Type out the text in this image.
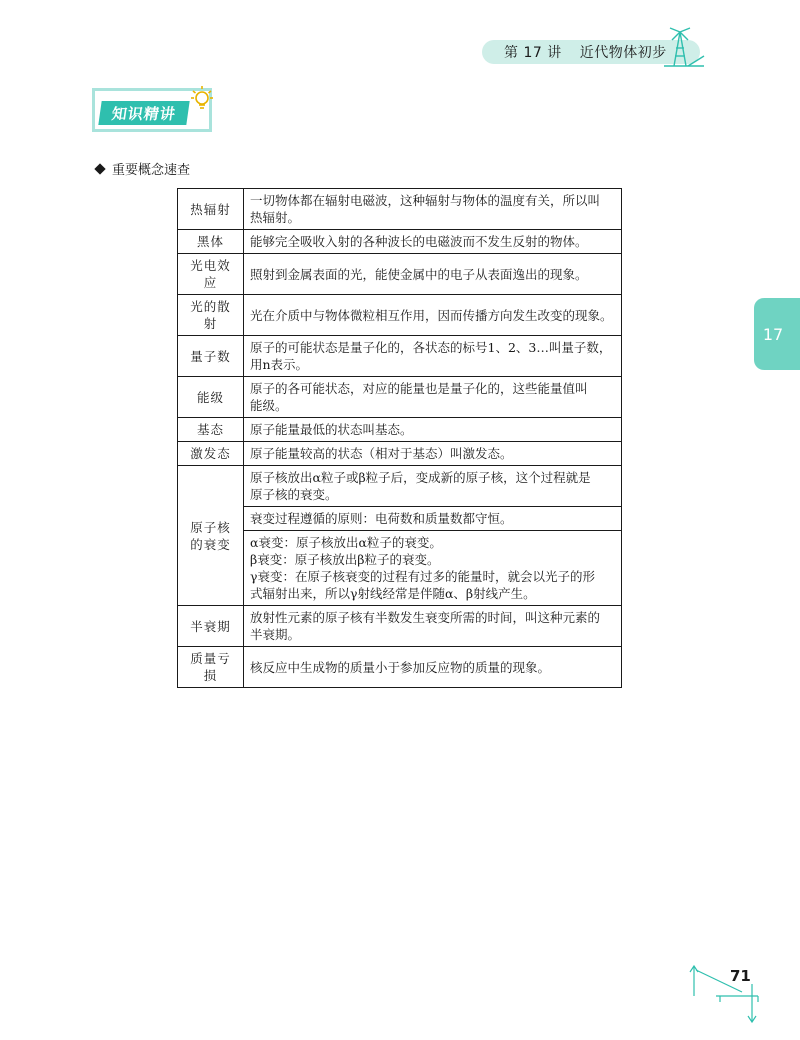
第 17 讲 近代物体初步
知识精讲
重要概念速查
热辐射	一切物体都在辐射电磁波，这种辐射与物体的温度有关，所以叫
热辐射。

黑体	能够完全吸收入射的各种波长的电磁波而不发生反射的物体。

光电效应	照射到金属表面的光，能使金属中的电子从表面逸出的现象。

光的散射	光在介质中与物体微粒相互作用，因而传播方向发生改变的现象。

量子数	原子的可能状态是量子化的，各状态的标号1、2、3…叫量子数，
用n表示。

能级	原子的各可能状态，对应的能量也是量子化的，这些能量值叫
能级。

基态	原子能量最低的状态叫基态。

激发态	原子能量较高的状态（相对于基态）叫激发态。

原子核
的衰变	原子核放出α粒子或β粒子后，变成新的原子核，这个过程就是
原子核的衰变。

	衰变过程遵循的原则：电荷数和质量数都守恒。

	α衰变：原子核放出α粒子的衰变。
β衰变：原子核放出β粒子的衰变。
γ衰变：在原子核衰变的过程有过多的能量时，就会以光子的形
式辐射出来，所以γ射线经常是伴随α、β射线产生。

半衰期	放射性元素的原子核有半数发生衰变所需的时间，叫这种元素的
半衰期。

质量亏损	核反应中生成物的质量小于参加反应物的质量的现象。
17
71
